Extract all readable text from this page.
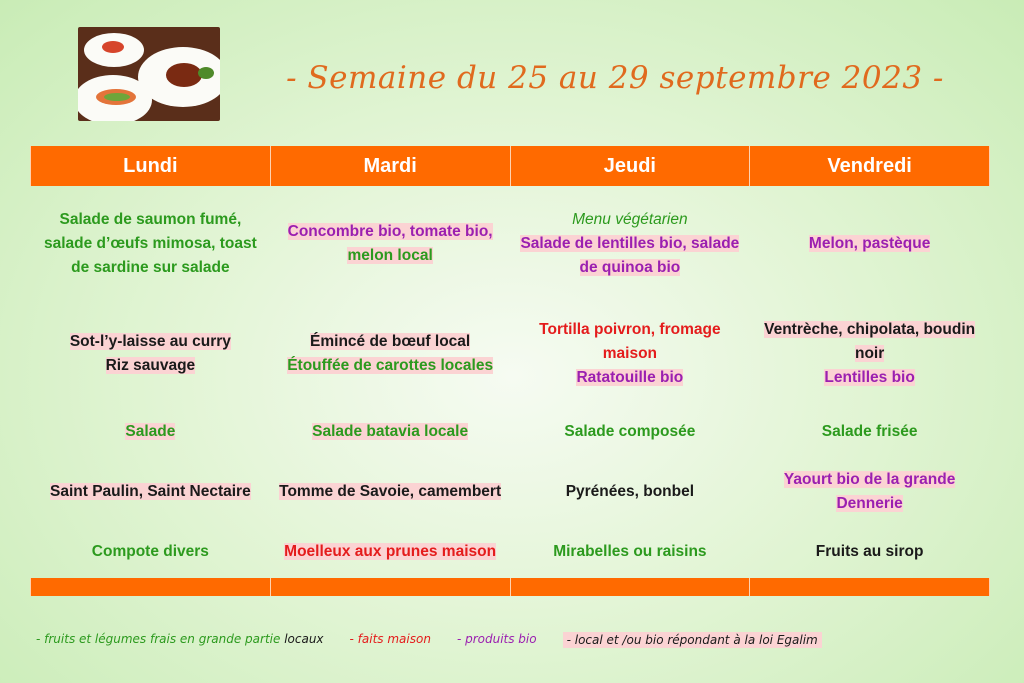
- Semaine du 25 au 29 septembre 2023 -
Lundi	Mardi	Jeudi	Vendredi
Salade de saumon fumé,
salade d’œufs mimosa, toast
de sardine sur salade	Concombre bio, tomate bio,
melon local	Menu végétarien
Salade de lentilles bio, salade
de quinoa bio	Melon, pastèque
Sot-l’y-laisse au curry
Riz sauvage	Émincé de bœuf local
Étouffée de carottes locales	Tortilla poivron, fromage
maison
Ratatouille bio	Ventrèche, chipolata, boudin
noir
Lentilles bio
Salade	Salade batavia locale	Salade composée	Salade frisée
Saint Paulin, Saint Nectaire	Tomme de Savoie, camembert	Pyrénées, bonbel	Yaourt bio de la grande
Dennerie
Compote divers	Moelleux aux prunes maison	Mirabelles ou raisins	Fruits au sirop

- fruits et légumes frais en grande partie locaux - faits maison - produits bio	- local et /ou bio répondant à la loi Egalim
